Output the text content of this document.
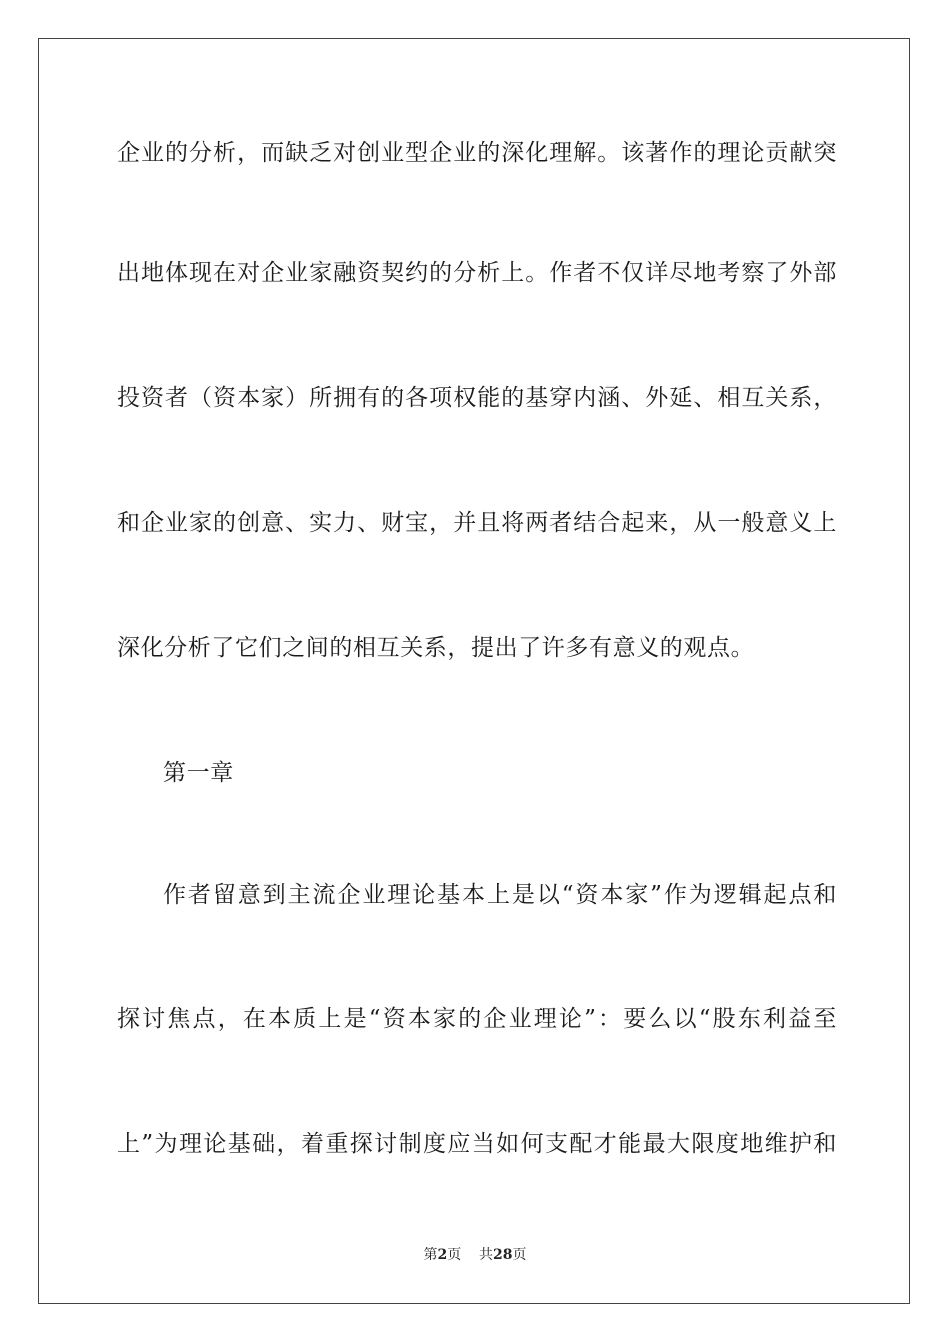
企业的分析，而缺乏对创业型企业的深化理解。该著作的理论贡献突
出地体现在对企业家融资契约的分析上。作者不仅详尽地考察了外部
投资者（资本家）所拥有的各项权能的基穿内涵、外延、相互关系，
和企业家的创意、实力、财宝，并且将两者结合起来，从一般意义上
深化分析了它们之间的相互关系，提出了许多有意义的观点。
第一章
作者留意到主流企业理论基本上是以“资本家”作为逻辑起点和
探讨焦点，在本质上是“资本家的企业理论”：要么以“股东利益至
上”为理论基础，着重探讨制度应当如何支配才能最大限度地维护和
第2页 共28页
